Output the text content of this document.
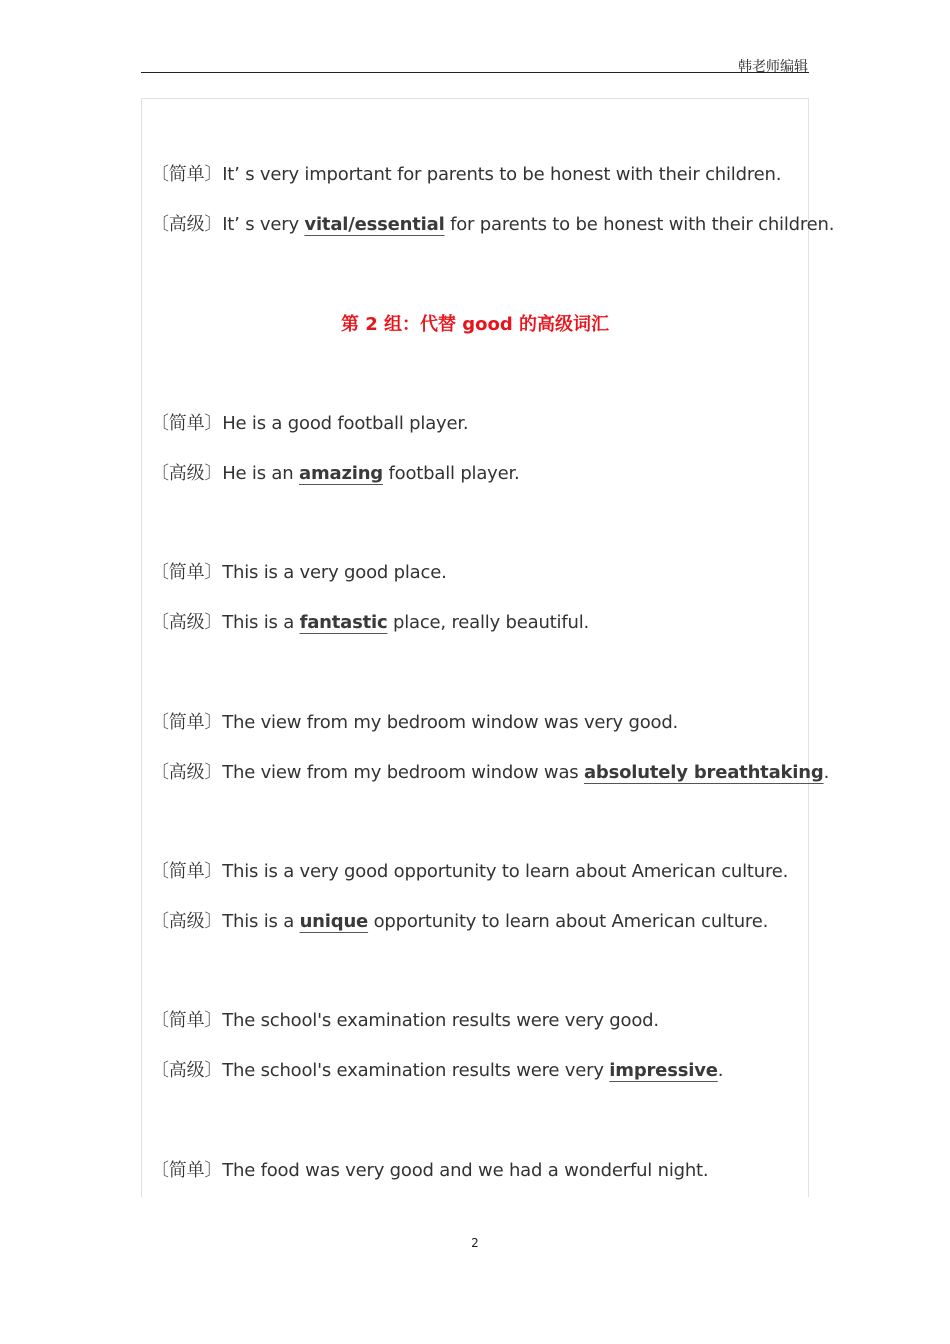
韩老师编辑
〔简单〕It’ s very important for parents to be honest with their children.
〔高级〕It’ s very vital/essential for parents to be honest with their children.
第 2 组：代替 good 的高级词汇
〔简单〕He is a good football player.
〔高级〕He is an amazing football player.
〔简单〕This is a very good place.
〔高级〕This is a fantastic place, really beautiful.
〔简单〕The view from my bedroom window was very good.
〔高级〕The view from my bedroom window was absolutely breathtaking.
〔简单〕This is a very good opportunity to learn about American culture.
〔高级〕This is a unique opportunity to learn about American culture.
〔简单〕The school's examination results were very good.
〔高级〕The school's examination results were very impressive.
〔简单〕The food was very good and we had a wonderful night.
2
